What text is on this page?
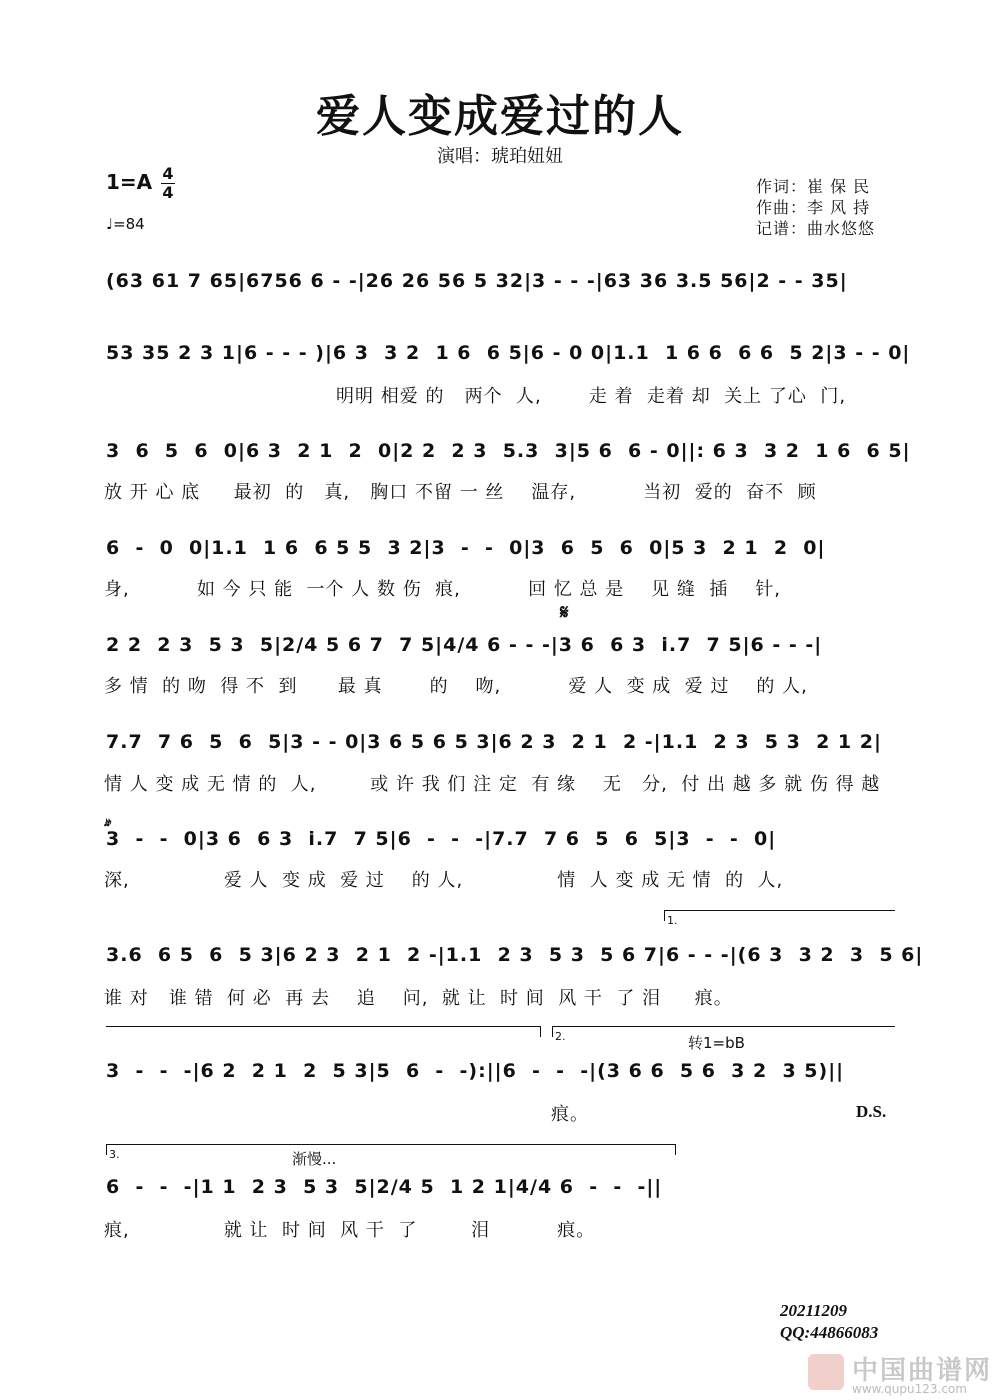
爱人变成爱过的人
演唱：琥珀妞妞
1=A 4
4
♩=84
作词：崔 保 民
作曲：李 风 持
记谱：曲水悠悠
(63 61 7 65|6756 6 - -|26 26 56 5 32|3 - - -|63 36 3.5 56|2 - - 35|
53 35 2 3 1|6 - - - )|6 3  3 2  1 6  6 5|6 - 0 0|1.1  1 6 6  6 6  5 2|3 - - 0|
明明 相爱 的   两个  人,       走 着  走着 却  关上 了心  门,
3  6  5  6  0|6 3  2 1  2  0|2 2  2 3  5.3  3|5 6  6 - 0||: 6 3  3 2  1 6  6 5|
放 开 心 底     最初  的   真,   胸口 不留 一 丝    温存,          当初  爱的  奋不  顾
6  -  0  0|1.1  1 6  6 5 5  3 2|3  -  -  0|3  6  5  6  0|5 3  2 1  2  0|
身,          如 今 只 能  一个 人 数 伤  痕,          回 忆 总 是    见 缝  插    针,
𝄋
2 2  2 3  5 3  5|2/4 5 6 7  7 5|4/4 6 - - -|3 6  6 3  i.7  7 5|6 - - -|
多 情  的 吻  得 不  到      最 真       的    吻,          爱 人  变 成  爱 过    的 人,
7.7  7 6  5  6  5|3 - - 0|3 6 5 6 5 3|6 2 3  2 1  2 -|1.1  2 3  5 3  2 1 2|
情 人 变 成 无 情 的  人,        或 许 我 们 注 定  有 缘    无   分,  付 出 越 多 就 伤 得 越
𝆔𝆔
3  -  -  0|3 6  6 3  i.7  7 5|6  -  -  -|7.7  7 6  5  6  5|3  -  -  0|
深,              爱 人  变 成  爱 过    的 人,              情  人 变 成 无 情  的  人,
1.
3.6  6 5  6  5 3|6 2 3  2 1  2 -|1.1  2 3  5 3  5 6 7|6 - - -|(6 3  3 2  3  5 6|
谁 对   谁 错  何 必  再 去    追    问,  就 让  时 间  风 干  了 泪     痕。
2.	转1=bB
3  -  -  -|6 2  2 1  2  5 3|5  6  -  -):||6  -  -  -|(3 6 6  5 6  3 2  3 5)||
痕。	D.S.
3.	渐慢...
6  -  -  -|1 1  2 3  5 3  5|2/4 5  1 2 1|4/4 6  -  -  -||
痕,              就 让  时 间  风 干  了        泪          痕。
20211209
QQ:44866083
中国曲谱网
www.qupu123.com
